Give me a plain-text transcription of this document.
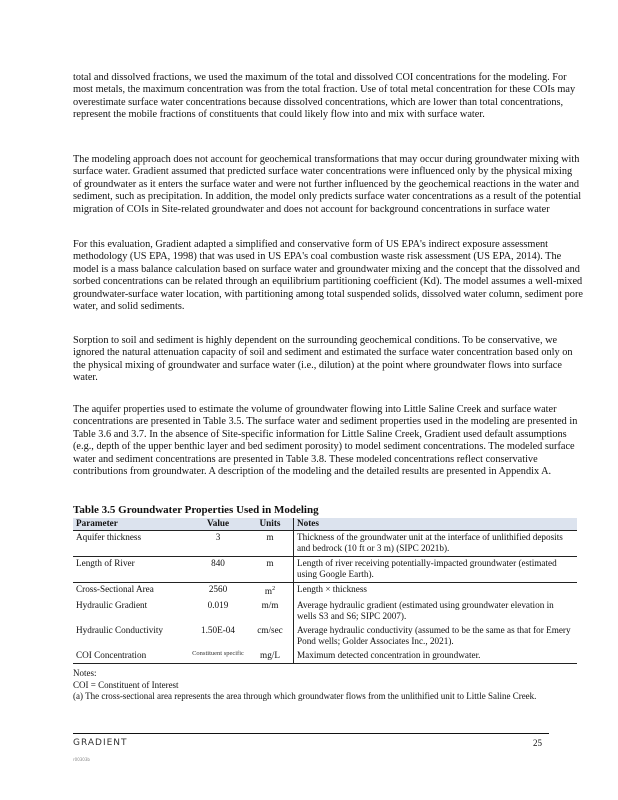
total and dissolved fractions, we used the maximum of the total and dissolved COI concentrations for the modeling. For most metals, the maximum concentration was from the total fraction. Use of total metal concentration for these COIs may overestimate surface water concentrations because dissolved concentrations, which are lower than total concentrations, represent the mobile fractions of constituents that could likely flow into and mix with surface water.

The modeling approach does not account for geochemical transformations that may occur during groundwater mixing with surface water. Gradient assumed that predicted surface water concentrations were influenced only by the physical mixing of groundwater as it enters the surface water and were not further influenced by the geochemical reactions in the water and sediment, such as precipitation. In addition, the model only predicts surface water concentrations as a result of the potential migration of COIs in Site-related groundwater and does not account for background concentrations in surface water

For this evaluation, Gradient adapted a simplified and conservative form of US EPA's indirect exposure assessment methodology (US EPA, 1998) that was used in US EPA's coal combustion waste risk assessment (US EPA, 2014). The model is a mass balance calculation based on surface water and groundwater mixing and the concept that the dissolved and sorbed concentrations can be related through an equilibrium partitioning coefficient (Kd). The model assumes a well-mixed groundwater-surface water location, with partitioning among total suspended solids, dissolved water column, sediment pore water, and solid sediments.

Sorption to soil and sediment is highly dependent on the surrounding geochemical conditions. To be conservative, we ignored the natural attenuation capacity of soil and sediment and estimated the surface water concentration based only on the physical mixing of groundwater and surface water (i.e., dilution) at the point where groundwater flows into surface water.

The aquifer properties used to estimate the volume of groundwater flowing into Little Saline Creek and surface water concentrations are presented in Table 3.5. The surface water and sediment properties used in the modeling are presented in Table 3.6 and 3.7. In the absence of Site-specific information for Little Saline Creek, Gradient used default assumptions (e.g., depth of the upper benthic layer and bed sediment porosity) to model sediment concentrations. The modeled surface water and sediment concentrations are presented in Table 3.8. These modeled concentrations reflect conservative contributions from groundwater. A description of the modeling and the detailed results are presented in Appendix A.

Table 3.5 Groundwater Properties Used in Modeling
Parameter	Value	Units	Notes
Aquifer thickness	3	m	Thickness of the groundwater unit at the interface of unlithified deposits and bedrock (10 ft or 3 m) (SIPC 2021b).
Length of River	840	m	Length of river receiving potentially-impacted groundwater (estimated using Google Earth).
Cross-Sectional Area	2560	$m^2$	Length × thickness
Hydraulic Gradient	0.019	m/m	Average hydraulic gradient (estimated using groundwater elevation in wells S3 and S6; SIPC 2007).
Hydraulic Conductivity	1.50E-04	cm/sec	Average hydraulic conductivity (assumed to be the same as that for Emery Pond wells; Golder Associates Inc., 2021).
COI Concentration	Constituent specific	mg/L	Maximum detected concentration in groundwater.
Notes:
COI = Constituent of Interest
(a) The cross-sectional area represents the area through which groundwater flows from the unlithified unit to Little Saline Creek.
GRADIENT	25
r00303b
